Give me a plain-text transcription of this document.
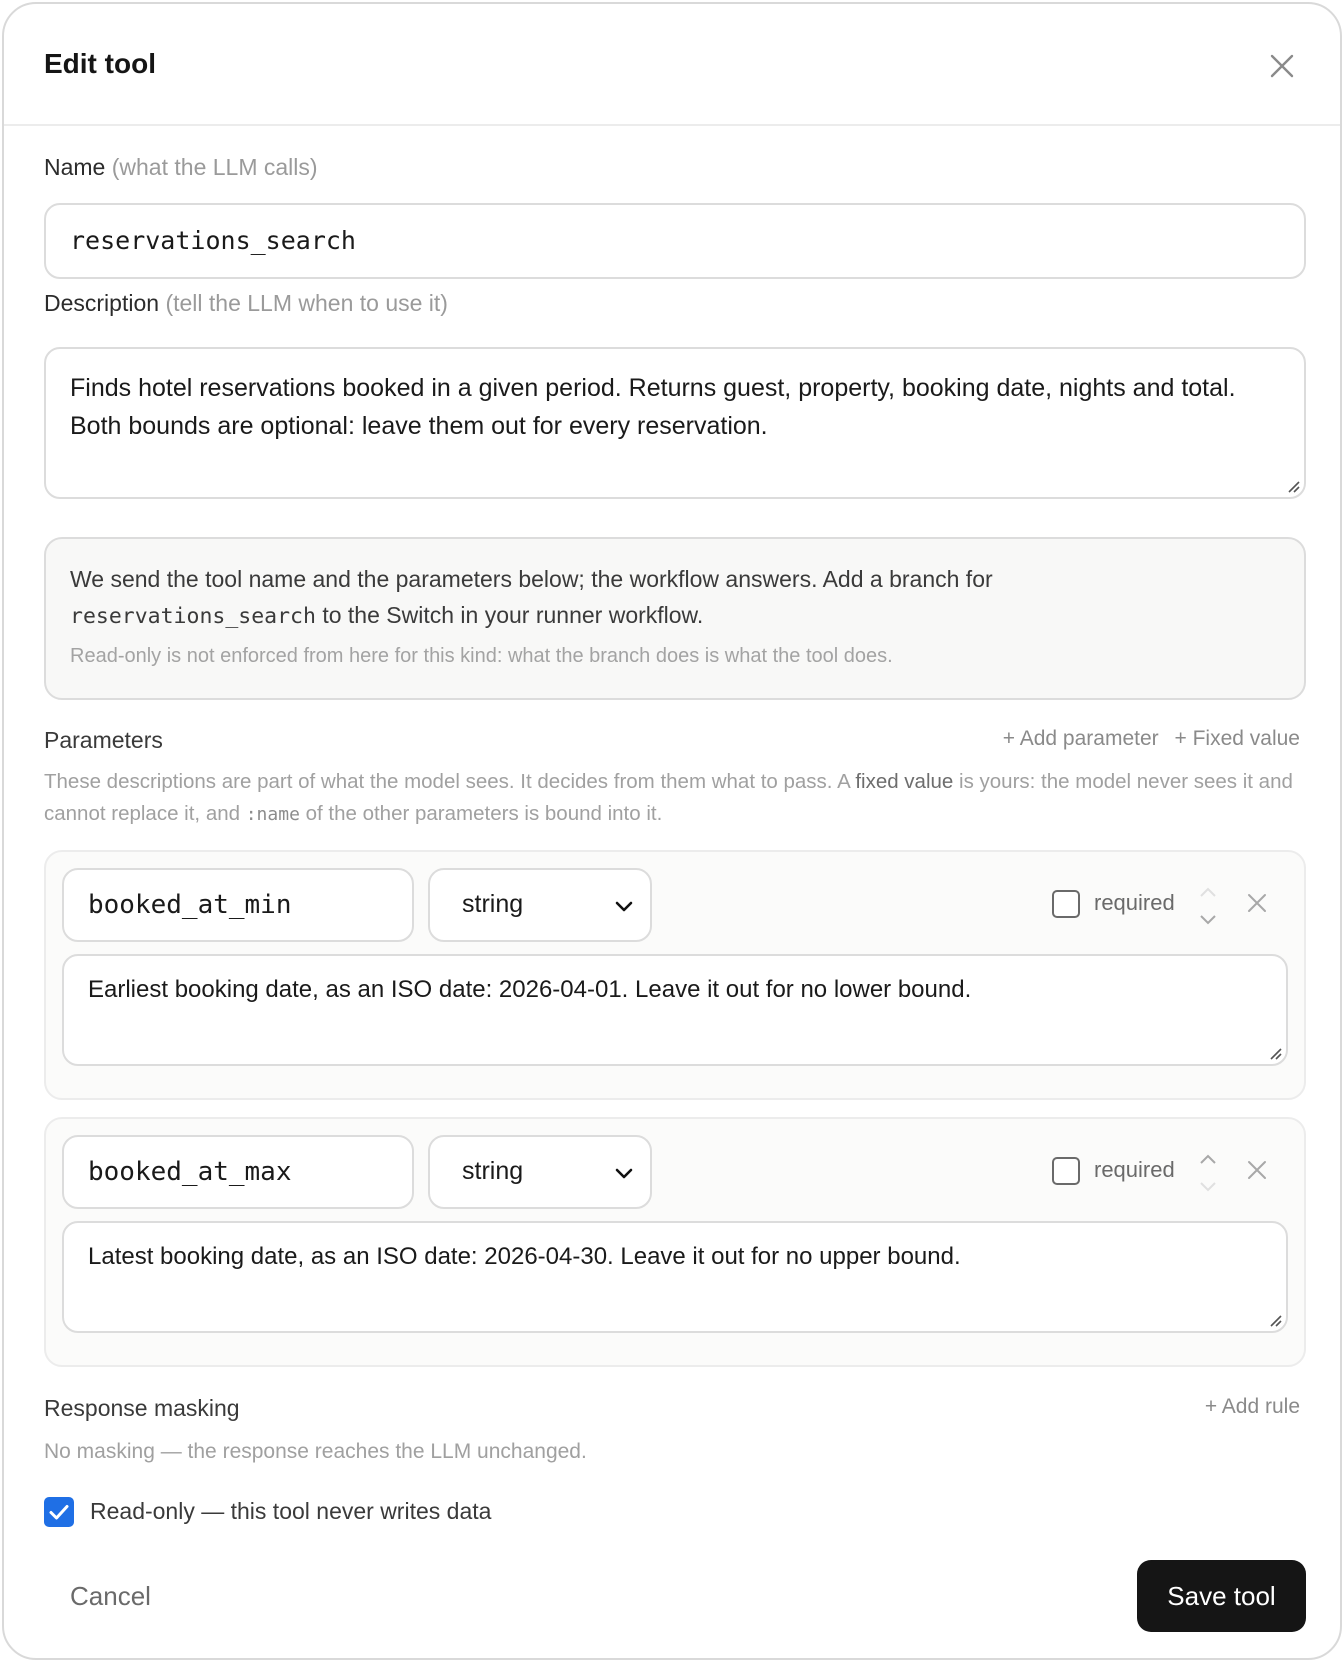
Edit tool
Name (what the LLM calls)
reservations_search
Description (tell the LLM when to use it)
Finds hotel reservations booked in a given period. Returns guest, property, booking date, nights and total. Both bounds are optional: leave them out for every reservation.
We send the tool name and the parameters below; the workflow answers. Add a branch for
reservations_search to the Switch in your runner workflow.
Read-only is not enforced from here for this kind: what the branch does is what the tool does.
Parameters	+ Add parameter + Fixed value
These descriptions are part of what the model sees. It decides from them what to pass. A fixed value is yours: the model never sees it and cannot replace it, and :name of the other parameters is bound into it.
booked_at_min	string	required
Earliest booking date, as an ISO date: 2026-04-01. Leave it out for no lower bound.
booked_at_max	string	required
Latest booking date, as an ISO date: 2026-04-30. Leave it out for no upper bound.
Response masking	+ Add rule
No masking — the response reaches the LLM unchanged.
Read-only — this tool never writes data
Cancel	Save tool
